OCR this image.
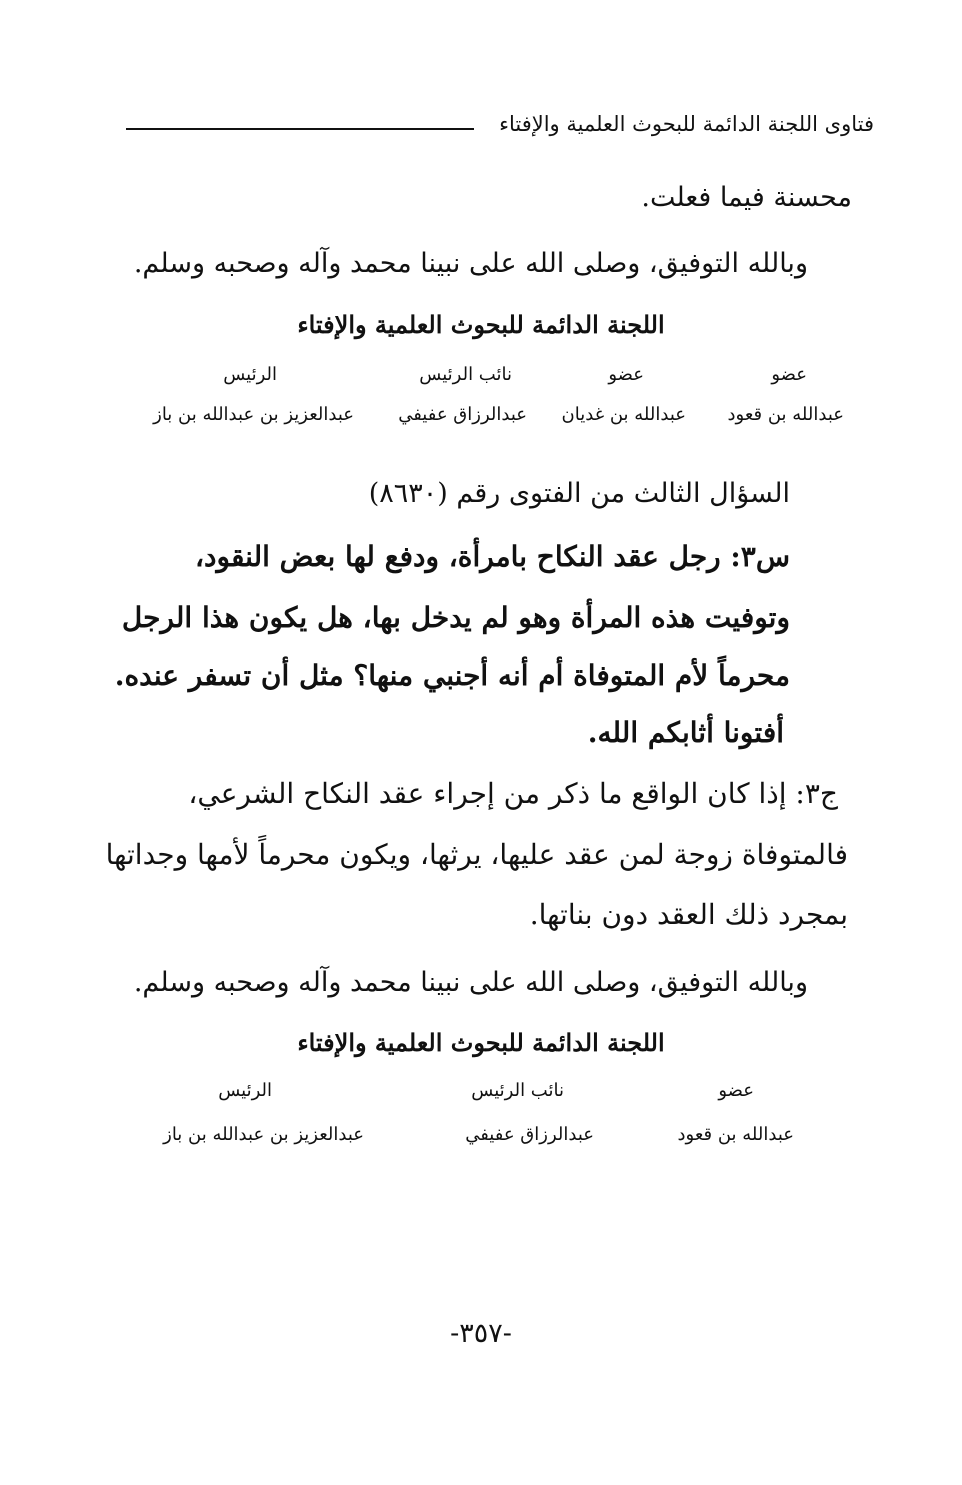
فتاوى اللجنة الدائمة للبحوث العلمية والإفتاء
محسنة فيما فعلت.
وبالله التوفيق، وصلى الله على نبينا محمد وآله وصحبه وسلم.
اللجنة الدائمة للبحوث العلمية والإفتاء
عضو
عبدالله بن قعود
عضو
عبدالله بن غديان
نائب الرئيس
عبدالرزاق عفيفي
الرئيس
عبدالعزيز بن عبدالله بن باز
السؤال الثالث من الفتوى رقم (٨٦٣٠)
س٣: رجل عقد النكاح بامرأة، ودفع لها بعض النقود،
وتوفيت هذه المرأة وهو لم يدخل بها، هل يكون هذا الرجل
محرماً لأم المتوفاة أم أنه أجنبي منها؟ مثل أن تسفر عنده.
أفتونا أثابكم الله.
ج٣: إذا كان الواقع ما ذكر من إجراء عقد النكاح الشرعي،
فالمتوفاة زوجة لمن عقد عليها، يرثها، ويكون محرماً لأمها وجداتها
بمجرد ذلك العقد دون بناتها.
وبالله التوفيق، وصلى الله على نبينا محمد وآله وصحبه وسلم.
اللجنة الدائمة للبحوث العلمية والإفتاء
عضو
عبدالله بن قعود
نائب الرئيس
عبدالرزاق عفيفي
الرئيس
عبدالعزيز بن عبدالله بن باز
-٣٥٧-
